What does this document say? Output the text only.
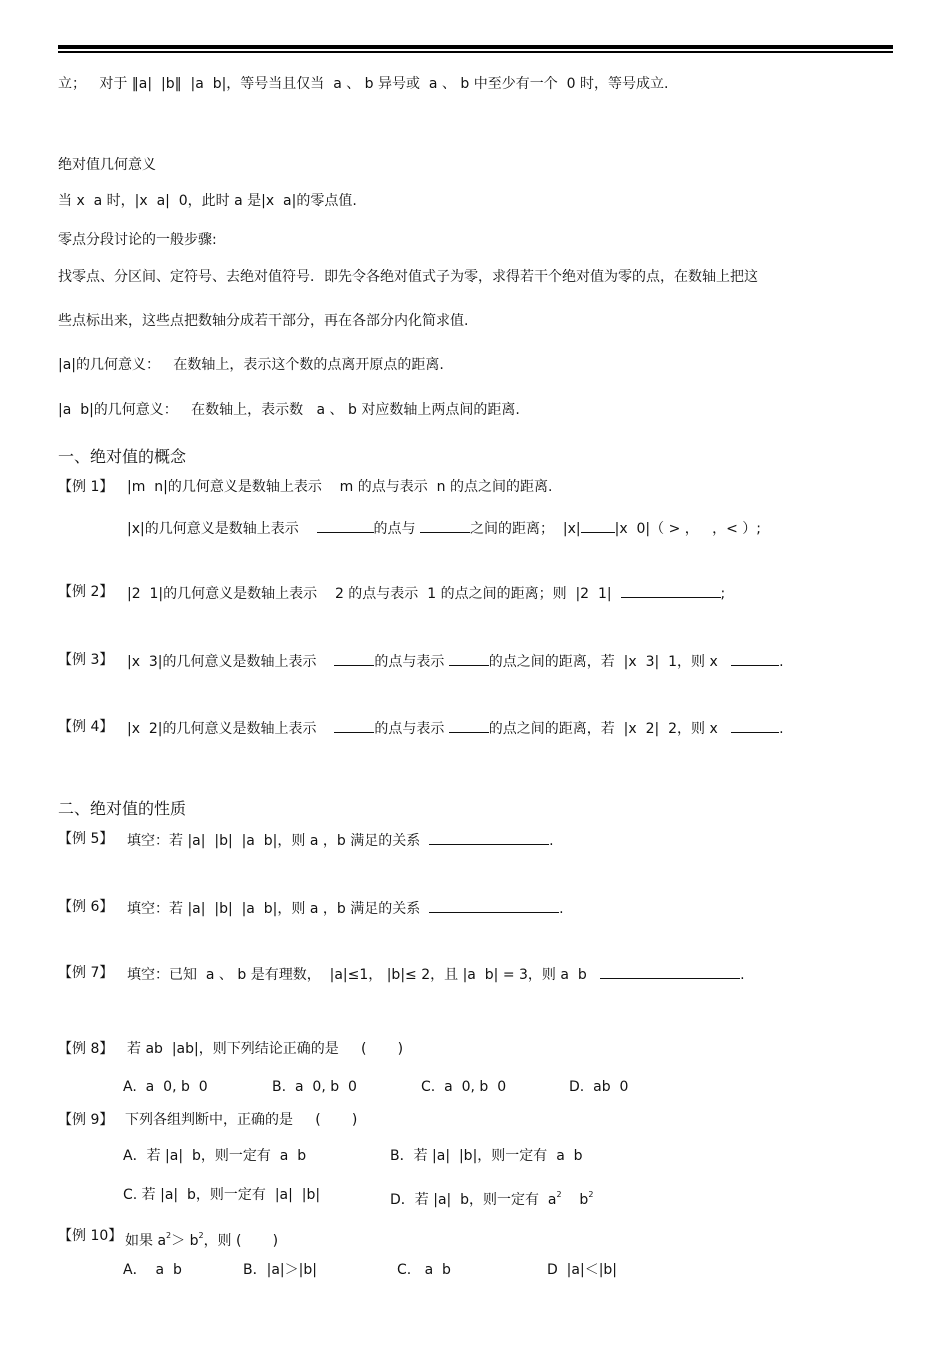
立；   对于 ‖a|  |b‖  |a  b|，等号当且仅当  a 、 b 异号或  a 、 b 中至少有一个  0 时，等号成立.
绝对值几何意义
当 x  a 时，|x  a|  0，此时 a 是|x  a|的零点值.
零点分段讨论的一般步骤:
找零点、分区间、定符号、去绝对值符号．即先令各绝对值式子为零，求得若干个绝对值为零的点，在数轴上把这
些点标出来，这些点把数轴分成若干部分，再在各部分内化简求值.
|a|的几何意义：   在数轴上，表示这个数的点离开原点的距离.
|a  b|的几何意义：   在数轴上，表示数   a 、 b 对应数轴上两点间的距离.
一、绝对值的概念
【例 1】 |m  n|的几何意义是数轴上表示    m 的点与表示  n 的点之间的距离.
|x|的几何意义是数轴上表示	的点与	之间的距离；  |x| |x  0|（ > ，   ，< ）;
【例 2】 |2  1|的几何意义是数轴上表示    2 的点与表示  1 的点之间的距离；则  |2  1|	;
【例 3】 |x  3|的几何意义是数轴上表示	的点与表示	的点之间的距离，若  |x  3|  1，则 x	.
【例 4】 |x  2|的几何意义是数轴上表示	的点与表示	的点之间的距离，若  |x  2|  2，则 x	.
二、绝对值的性质
【例 5】 填空：若 |a|  |b|  |a  b|，则 a ，b 满足的关系	.
【例 6】 填空：若 |a|  |b|  |a  b|，则 a ，b 满足的关系	.
【例 7】 填空：已知  a 、 b 是有理数，  |a|≤1， |b|≤ 2，且 |a  b| = 3，则 a  b	.
【例 8】 若 ab  |ab|，则下列结论正确的是     (       )
A.  a  0, b  0	B.  a  0, b  0	C.  a  0, b  0	D.  ab  0
【例 9】 下列各组判断中，正确的是     (       )
A．若 |a|  b，则一定有  a  b	B．若 |a|  |b|，则一定有  a  b
C. 若 |a|  b，则一定有  |a|  |b|	D．若 |a|  b，则一定有  $a^2$ $b^2$
【例 10】 如果 $a^2> b^2$，则 (       )
A．  a  b	B．|a|＞|b|	C.   a  b	D  |a|＜|b|
